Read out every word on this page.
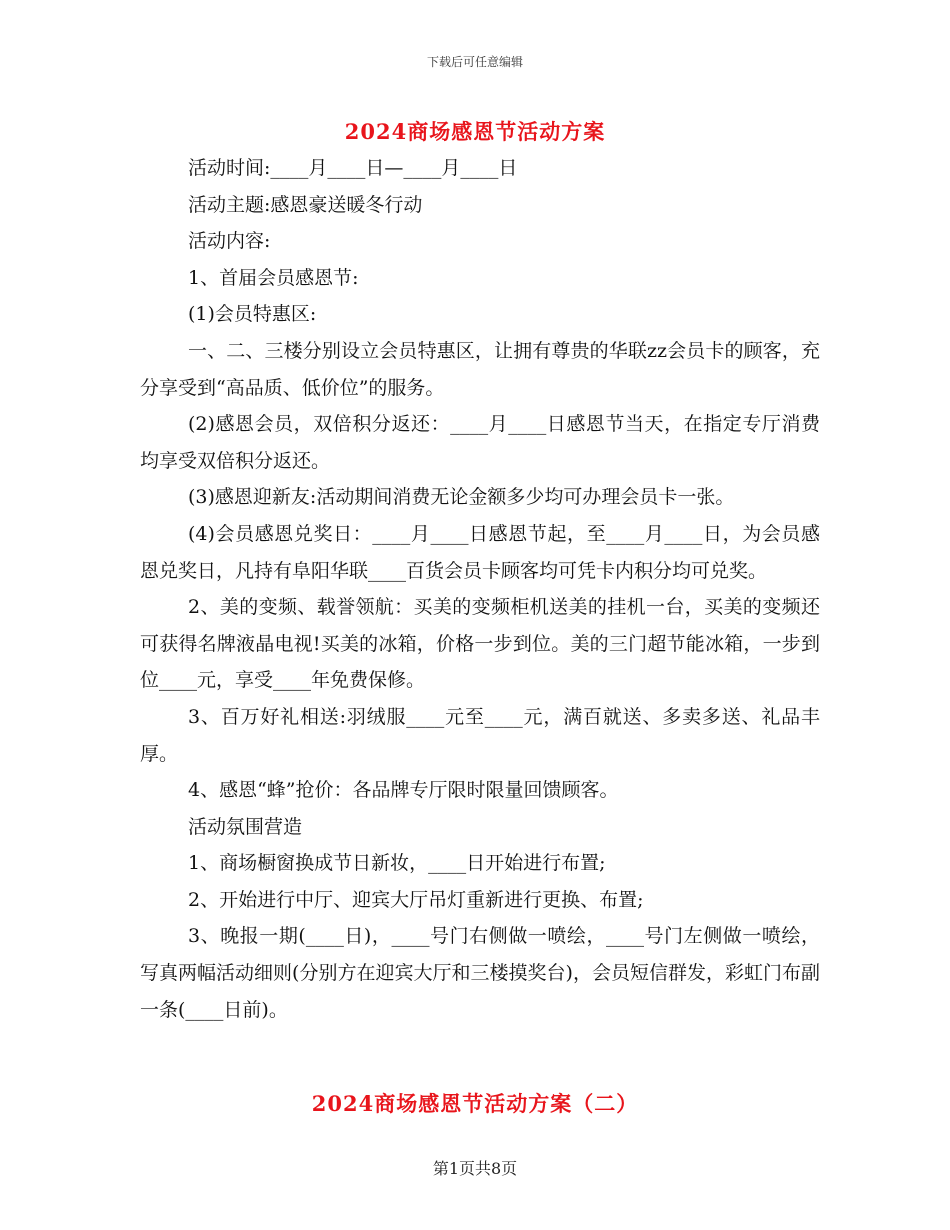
下载后可任意编辑
2024商场感恩节活动方案

活动时间:____月____日—____月____日

活动主题:感恩豪送暖冬行动

活动内容:

1、首届会员感恩节:

(1)会员特惠区:

一、二、三楼分别设立会员特惠区，让拥有尊贵的华联zz会员卡的顾客，充分享受到“高品质、低价位”的服务。

(2)感恩会员，双倍积分返还：____月____日感恩节当天，在指定专厅消费均享受双倍积分返还。

(3)感恩迎新友:活动期间消费无论金额多少均可办理会员卡一张。

(4)会员感恩兑奖日：____月____日感恩节起，至____月____日，为会员感恩兑奖日，凡持有阜阳华联____百货会员卡顾客均可凭卡内积分均可兑奖。

2、美的变频、载誉领航：买美的变频柜机送美的挂机一台，买美的变频还可获得名牌液晶电视!买美的冰箱，价格一步到位。美的三门超节能冰箱，一步到位____元，享受____年免费保修。

3、百万好礼相送:羽绒服____元至____元，满百就送、多卖多送、礼品丰厚。

4、感恩“蜂”抢价：各品牌专厅限时限量回馈顾客。

活动氛围营造

1、商场橱窗换成节日新妆，____日开始进行布置;

2、开始进行中厅、迎宾大厅吊灯重新进行更换、布置;

3、晚报一期(____日)，____号门右侧做一喷绘，____号门左侧做一喷绘，写真两幅活动细则(分别方在迎宾大厅和三楼摸奖台)，会员短信群发，彩虹门布副一条(____日前)。

2024商场感恩节活动方案（二）
第1页共8页
